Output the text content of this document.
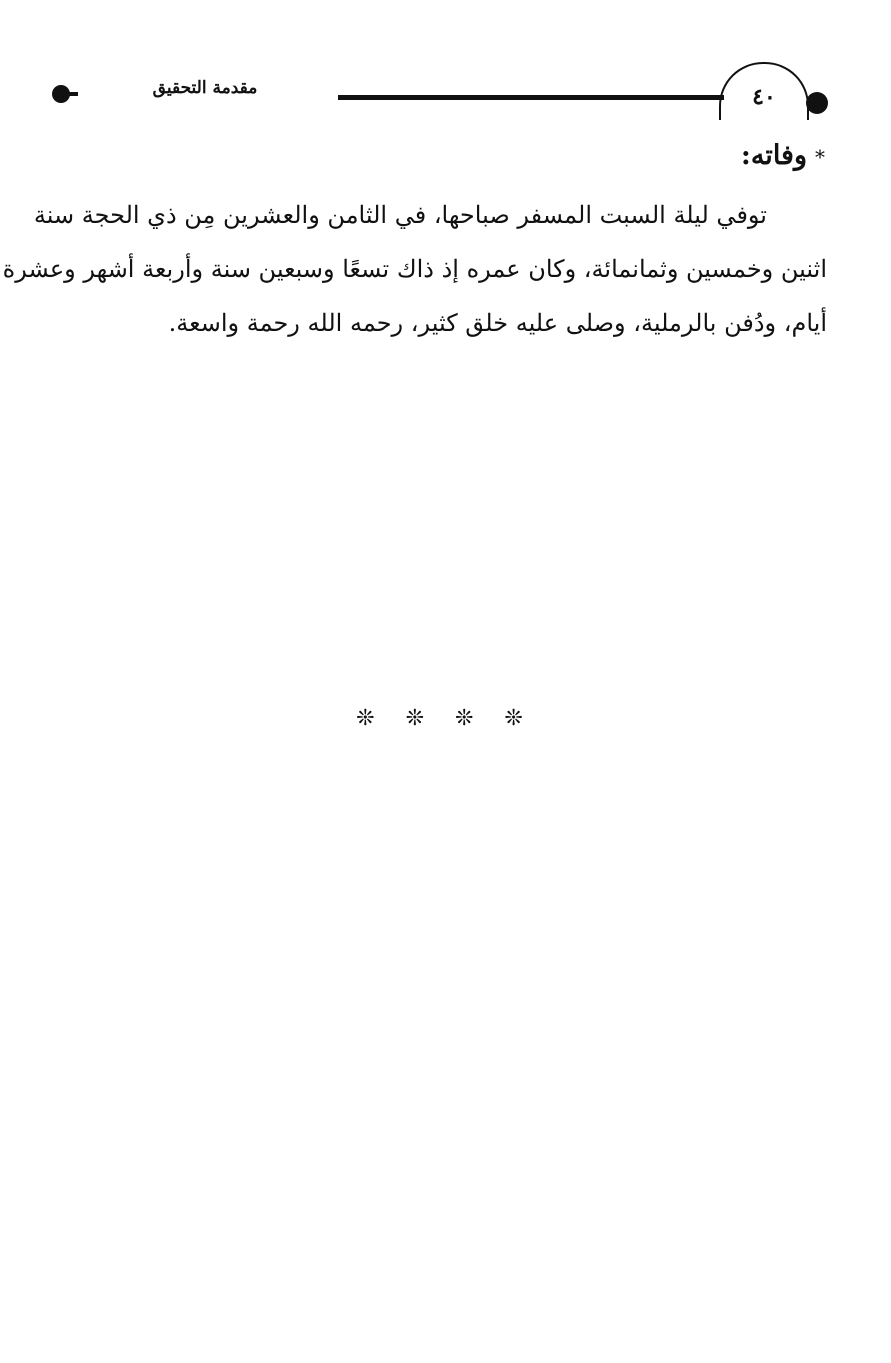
مقدمة التحقيق	٤٠
*وفاته:
توفي ليلة السبت المسفر صباحها، في الثامن والعشرين مِن ذي الحجة سنة
اثنين وخمسين وثمانمائة، وكان عمره إذ ذاك تسعًا وسبعين سنة وأربعة أشهر وعشرة
أيام، ودُفن بالرملية، وصلى عليه خلق كثير، رحمه الله رحمة واسعة.
❊ ❊ ❊ ❊
